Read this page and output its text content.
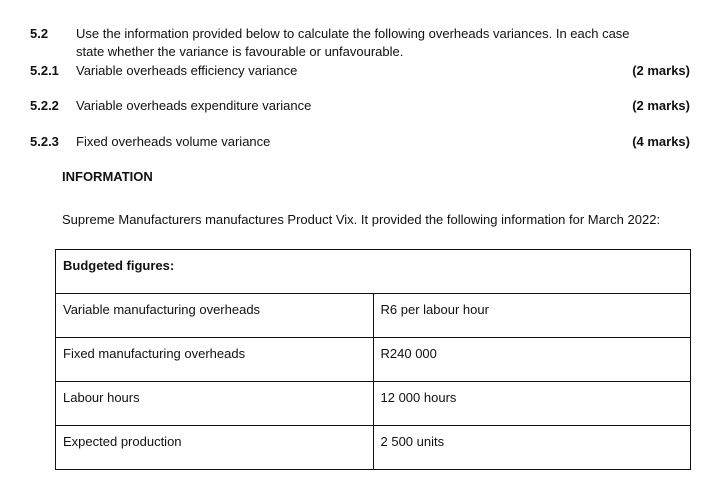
5.2 Use the information provided below to calculate the following overheads variances. In each case
state whether the variance is favourable or unfavourable.
5.2.1 Variable overheads efficiency variance	(2 marks)
5.2.2 Variable overheads expenditure variance	(2 marks)
5.2.3 Fixed overheads volume variance	(4 marks)
INFORMATION
Supreme Manufacturers manufactures Product Vix. It provided the following information for March 2022:
Budgeted figures:	
Variable manufacturing overheads	R6 per labour hour
Fixed manufacturing overheads	R240 000
Labour hours	12 000 hours
Expected production	2 500 units
